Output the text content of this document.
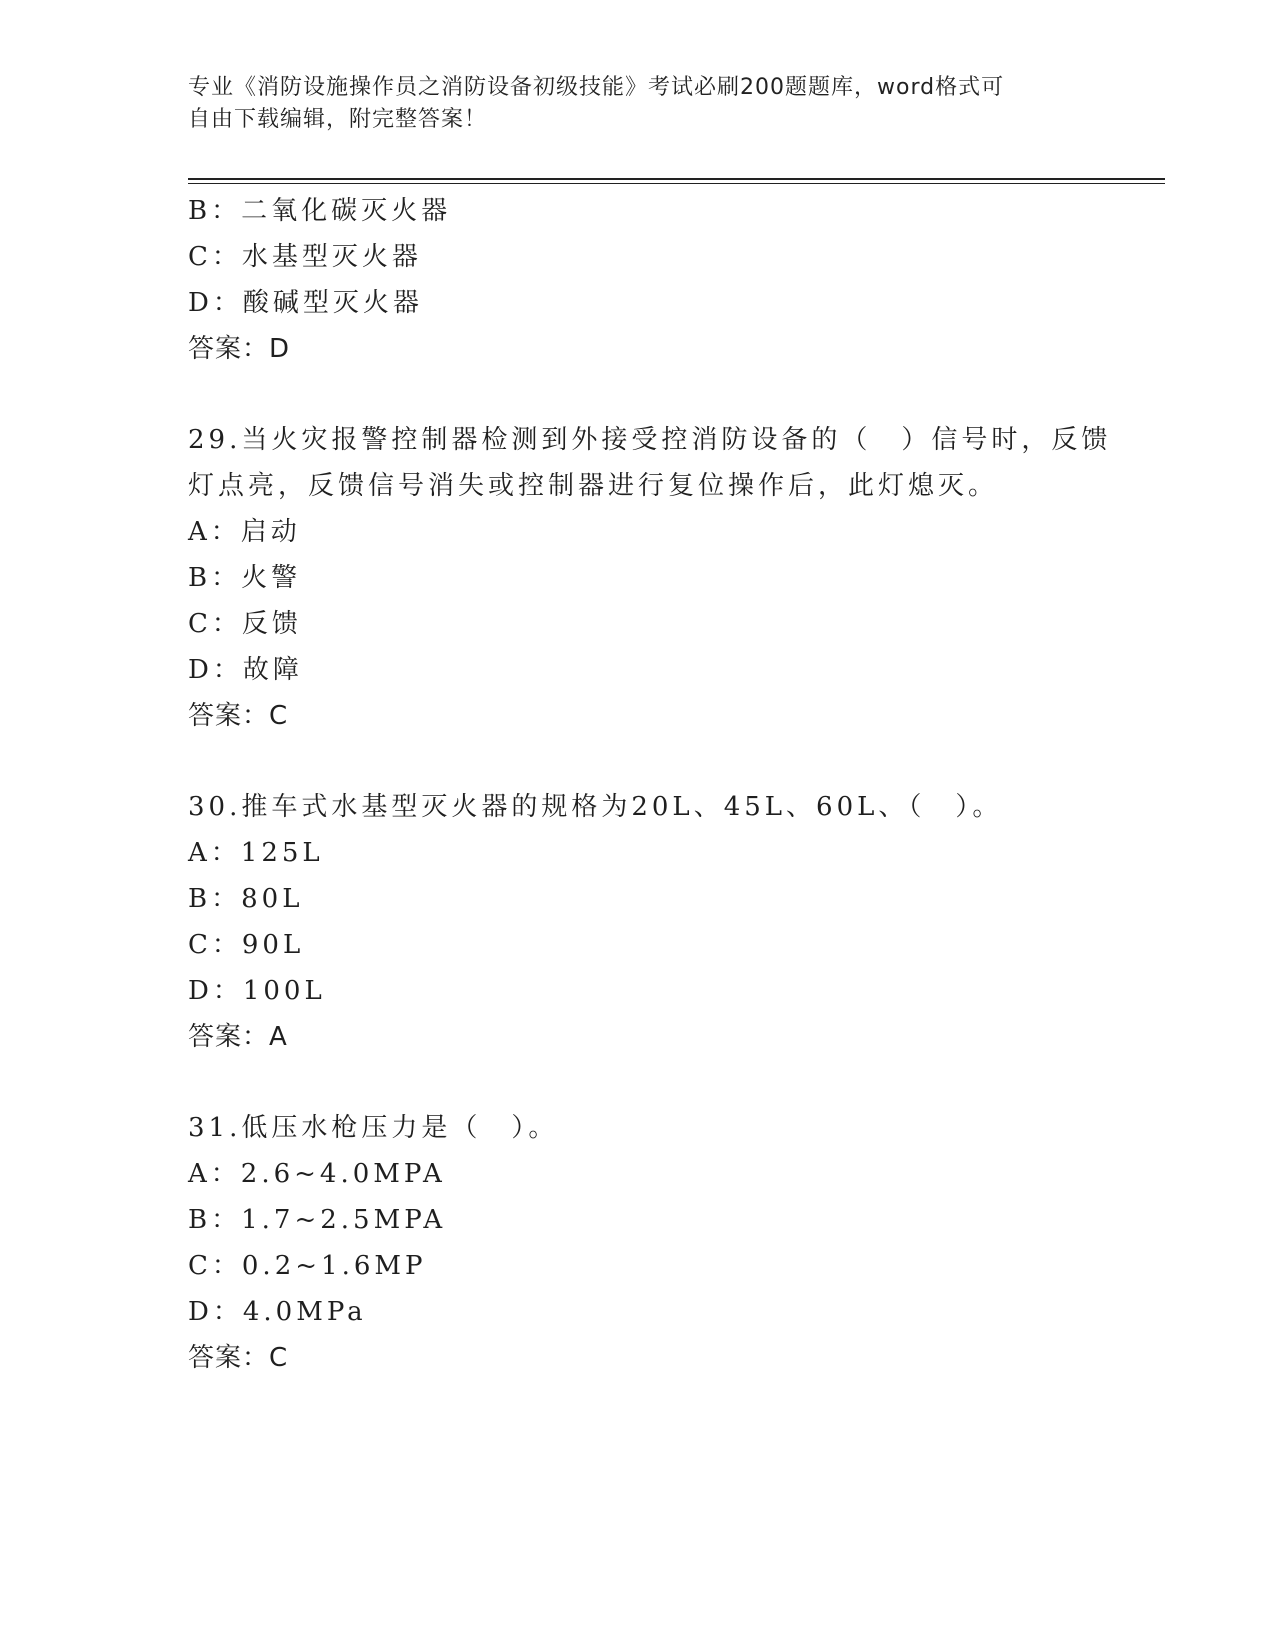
专业《消防设施操作员之消防设备初级技能》考试必刷200题题库，word格式可
自由下载编辑，附完整答案！
B：二氧化碳灭火器
C：水基型灭火器
D：酸碱型灭火器
答案：D
29.当火灾报警控制器检测到外接受控消防设备的（　）信号时，反馈
灯点亮，反馈信号消失或控制器进行复位操作后，此灯熄灭。
A：启动
B：火警
C：反馈
D：故障
答案：C
30.推车式水基型灭火器的规格为20L、45L、60L、（　）。
A：125L
B：80L
C：90L
D：100L
答案：A
31.低压水枪压力是（　）。
A：2.6~4.0MPA
B：1.7~2.5MPA
C：0.2~1.6MP
D：4.0MPa
答案：C
